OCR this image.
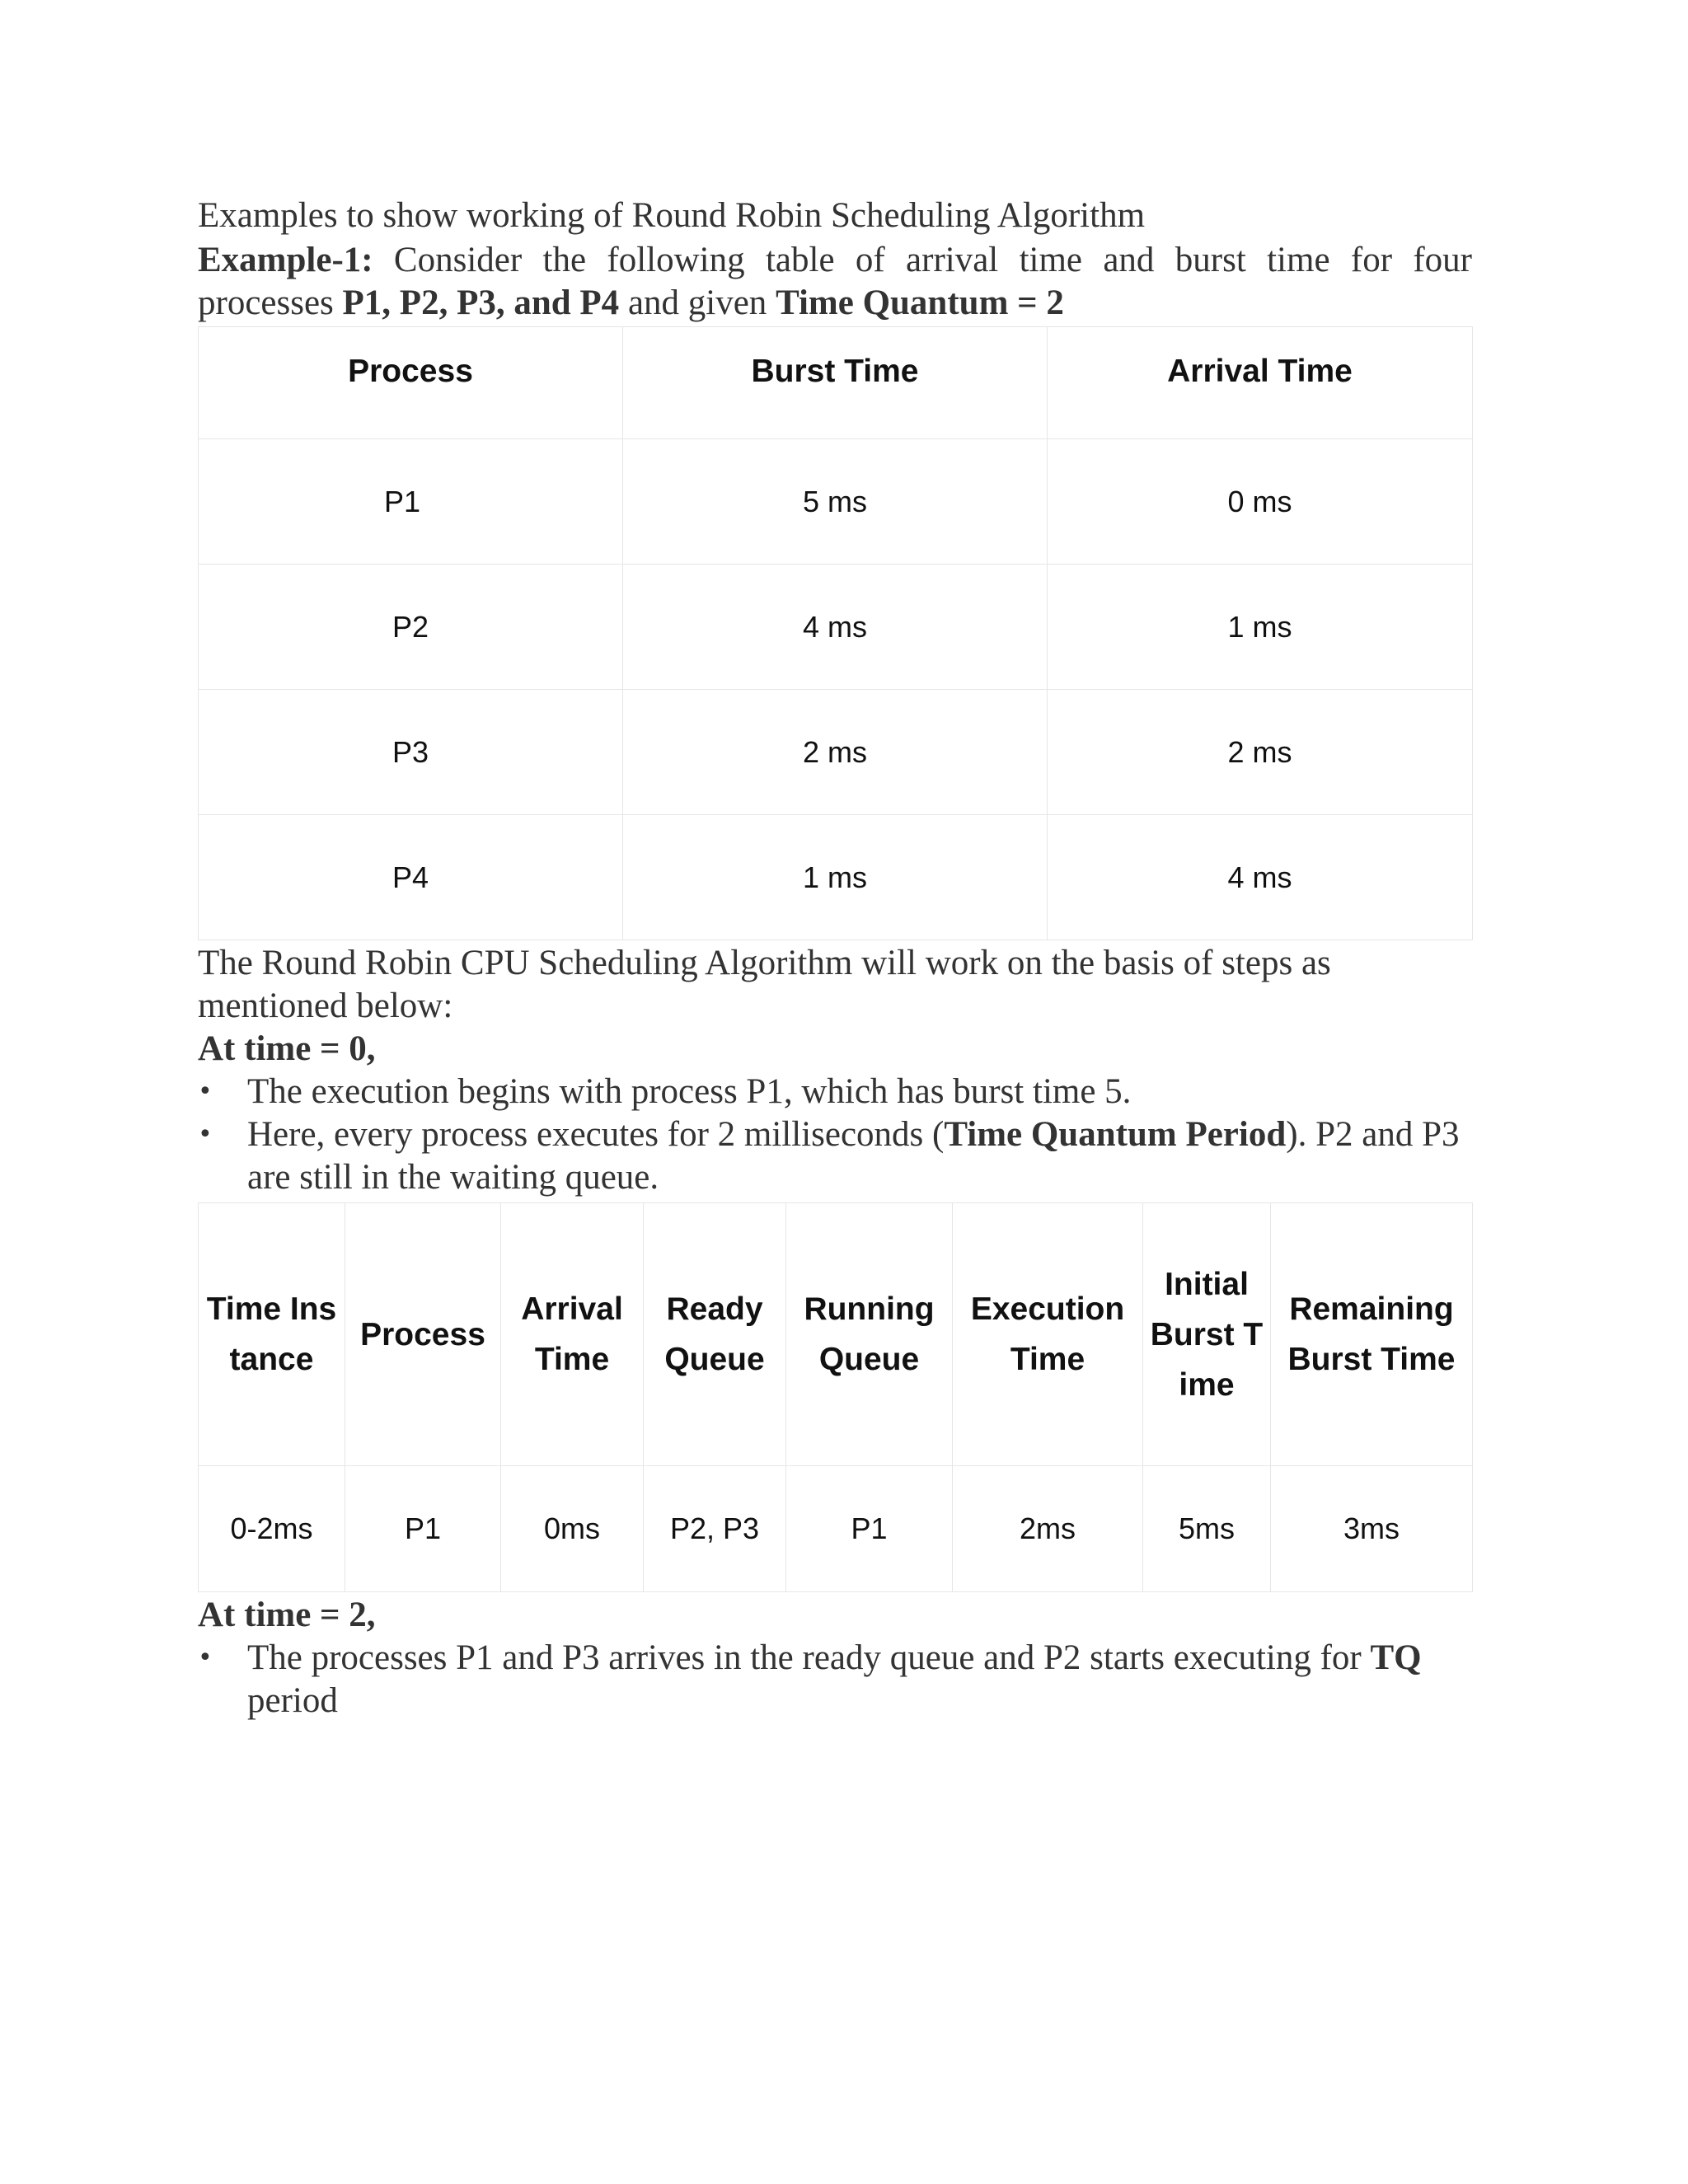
Examples to show working of Round Robin Scheduling Algorithm

Example-1: Consider the following table of arrival time and burst time for four processes P1, P2, P3, and P4 and given Time Quantum = 2

Process	Burst Time	Arrival Time
P1	5 ms	0 ms
P2	4 ms	1 ms
P3	2 ms	2 ms
P4	1 ms	4 ms

The Round Robin CPU Scheduling Algorithm will work on the basis of steps as mentioned below:

At time = 0,

• The execution begins with process P1, which has burst time 5.
• Here, every process executes for 2 milliseconds (Time Quantum Period). P2 and P3 are still in the waiting queue.
Time Instance	Process	Arrival Time	Ready Queue	Running Queue	Execution Time	Initial Burst Time	Remaining Burst Time
0-2ms	P1	0ms	P2, P3	P1	2ms	5ms	3ms

At time = 2,

• The processes P1 and P3 arrives in the ready queue and P2 starts executing for TQ period
